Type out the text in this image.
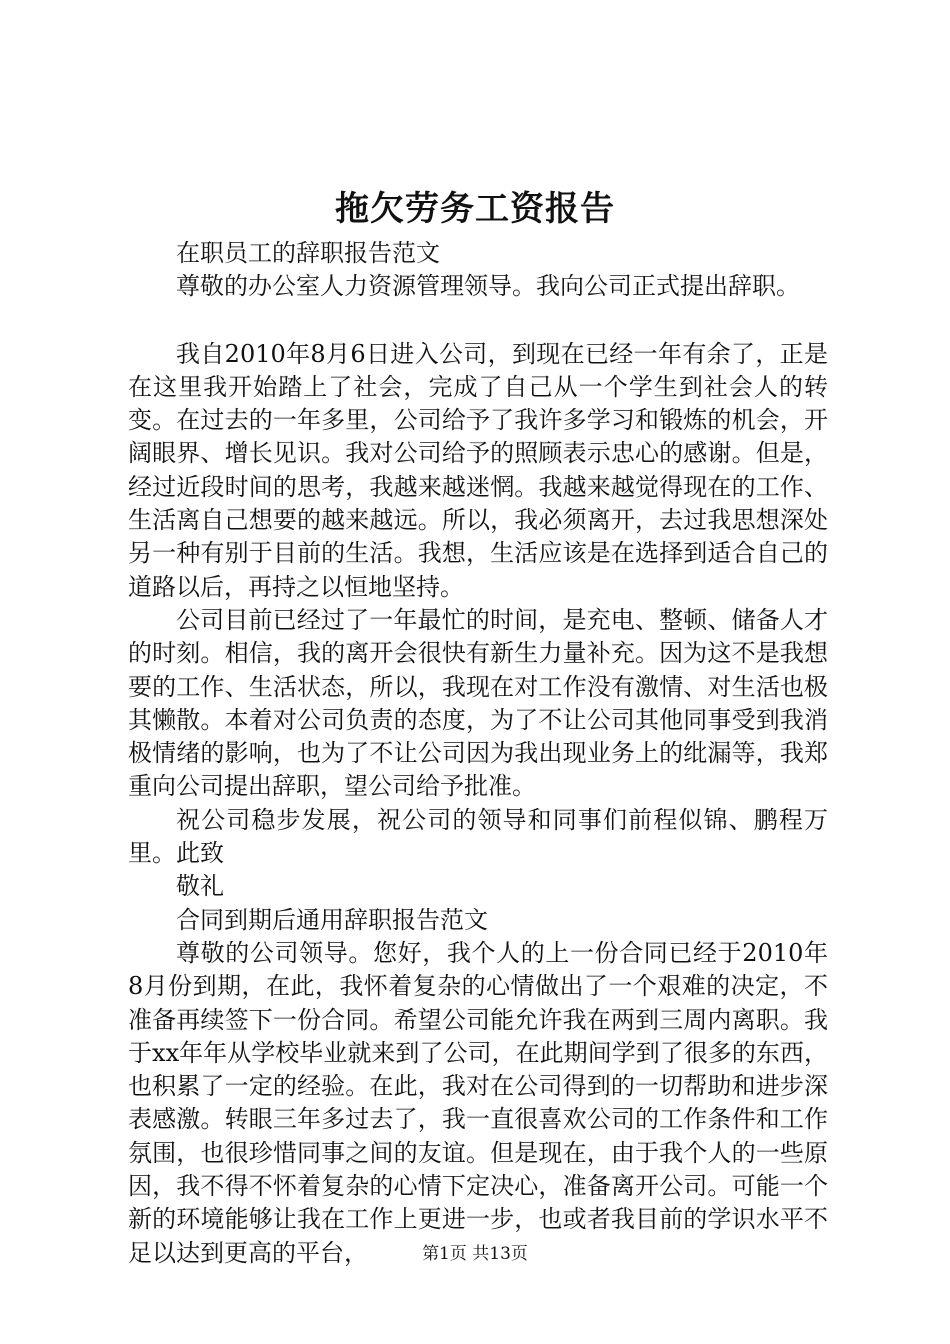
拖欠劳务工资报告

在职员工的辞职报告范文

尊敬的办公室人力资源管理领导。我向公司正式提出辞职。

我自2010年8月6日进入公司，到现在已经一年有余了，正是在这里我开始踏上了社会，完成了自己从一个学生到社会人的转变。在过去的一年多里，公司给予了我许多学习和锻炼的机会，开阔眼界、增长见识。我对公司给予的照顾表示忠心的感谢。但是，经过近段时间的思考，我越来越迷惘。我越来越觉得现在的工作、生活离自己想要的越来越远。所以，我必须离开，去过我思想深处另一种有别于目前的生活。我想，生活应该是在选择到适合自己的道路以后，再持之以恒地坚持。

公司目前已经过了一年最忙的时间，是充电、整顿、储备人才的时刻。相信，我的离开会很快有新生力量补充。因为这不是我想要的工作、生活状态，所以，我现在对工作没有激情、对生活也极其懒散。本着对公司负责的态度，为了不让公司其他同事受到我消极情绪的影响，也为了不让公司因为我出现业务上的纰漏等，我郑重向公司提出辞职，望公司给予批准。

祝公司稳步发展，祝公司的领导和同事们前程似锦、鹏程万里。此致

敬礼

合同到期后通用辞职报告范文

尊敬的公司领导。您好，我个人的上一份合同已经于2010年8月份到期，在此，我怀着复杂的心情做出了一个艰难的决定，不准备再续签下一份合同。希望公司能允许我在两到三周内离职。我于xx年年从学校毕业就来到了公司，在此期间学到了很多的东西，也积累了一定的经验。在此，我对在公司得到的一切帮助和进步深表感激。转眼三年多过去了，我一直很喜欢公司的工作条件和工作氛围，也很珍惜同事之间的友谊。但是现在，由于我个人的一些原因，我不得不怀着复杂的心情下定决心，准备离开公司。可能一个新的环境能够让我在工作上更进一步，也或者我目前的学识水平不足以达到更高的平台，	第1页 共13页
